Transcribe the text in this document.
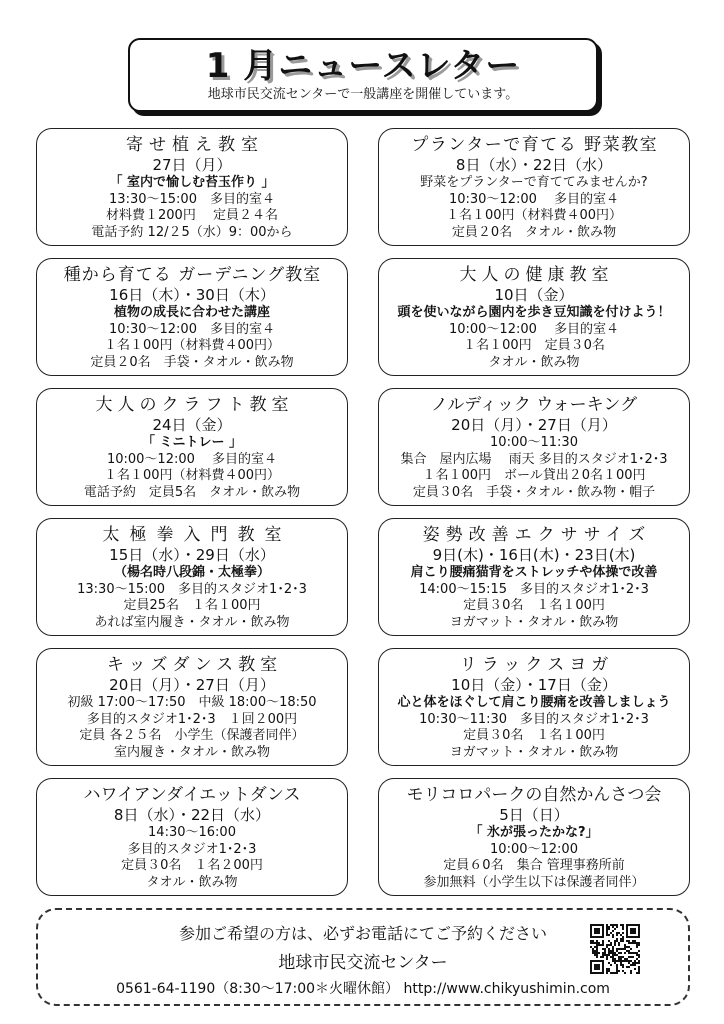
1 月ニュースレター
地球市民交流センターで一般講座を開催しています。
寄せ植え教室
27日（月）
「 室内で愉しむ苔玉作り 」
13:30～15:00　多目的室４
材料費１200円　 定員２４名
電話予約 12/２5（水）9：00から
種から育てる ガーデニング教室
16日（木）・30日（木）
植物の成長に合わせた講座
10:30～12:00　多目的室４
１名１00円（材料費４00円）
定員２0名　手袋・タオル・飲み物
大人のクラフト教室
24日（金）
「 ミニトレー 」
10:00～12:00　 多目的室４
１名１00円（材料費４00円）
電話予約　定員5名　タオル・飲み物
太極拳入門教室
15日（水）・29日（水）
（楊名時八段錦・太極拳）
13:30～15:00　多目的スタジオ1･2･3
定員25名　１名１00円
あれば室内履き・タオル・飲み物
キッズダンス教室
20日（月）・27日（月）
初級 17:00～17:50　中級 18:00～18:50
多目的スタジオ1･2･3　１回２00円
定員 各２５名　小学生（保護者同伴）
室内履き・タオル・飲み物
ハワイアンダイエットダンス
8日（水）・22日（水）
14:30～16:00
多目的スタジオ1･2･3
定員３0名　１名２00円
タオル・飲み物
プランターで育てる 野菜教室
8日（水）・22日（水）
野菜をプランターで育ててみませんか?
10:30～12:00　 多目的室４
１名１00円（材料費４00円）
定員２0名　タオル・飲み物
大人の健康教室
10日（金）
頭を使いながら園内を歩き豆知識を付けよう！
10:00～12:00　 多目的室４
１名１00円　定員３0名
タオル・飲み物
ノルディック ウォーキング
20日（月）・27日（月）
10:00～11:30
集合　屋内広場　 雨天 多目的スタジオ1･2･3
１名１00円　ボール貸出２0名１00円
定員３0名　手袋・タオル・飲み物・帽子
姿勢改善エクササイズ
9日(木)・16日(木)・23日(木)
肩こり腰痛猫背をストレッチや体操で改善
14:00～15:15　多目的スタジオ1･2･3
定員３0名　１名１00円
ヨガマット・タオル・飲み物
リラックスヨガ
10日（金）・17日（金）
心と体をほぐして肩こり腰痛を改善しましょう
10:30～11:30　多目的スタジオ1･2･3
定員３0名　１名１00円
ヨガマット・タオル・飲み物
モリコロパークの自然かんさつ会
5日（日）
「 氷が張ったかな?」
10:00～12:00
定員６0名　集合 管理事務所前
参加無料（小学生以下は保護者同伴）
参加ご希望の方は、必ずお電話にてご予約ください
地球市民交流センター
0561-64-1190（8:30～17:00＊火曜休館） http://www.chikyushimin.com
